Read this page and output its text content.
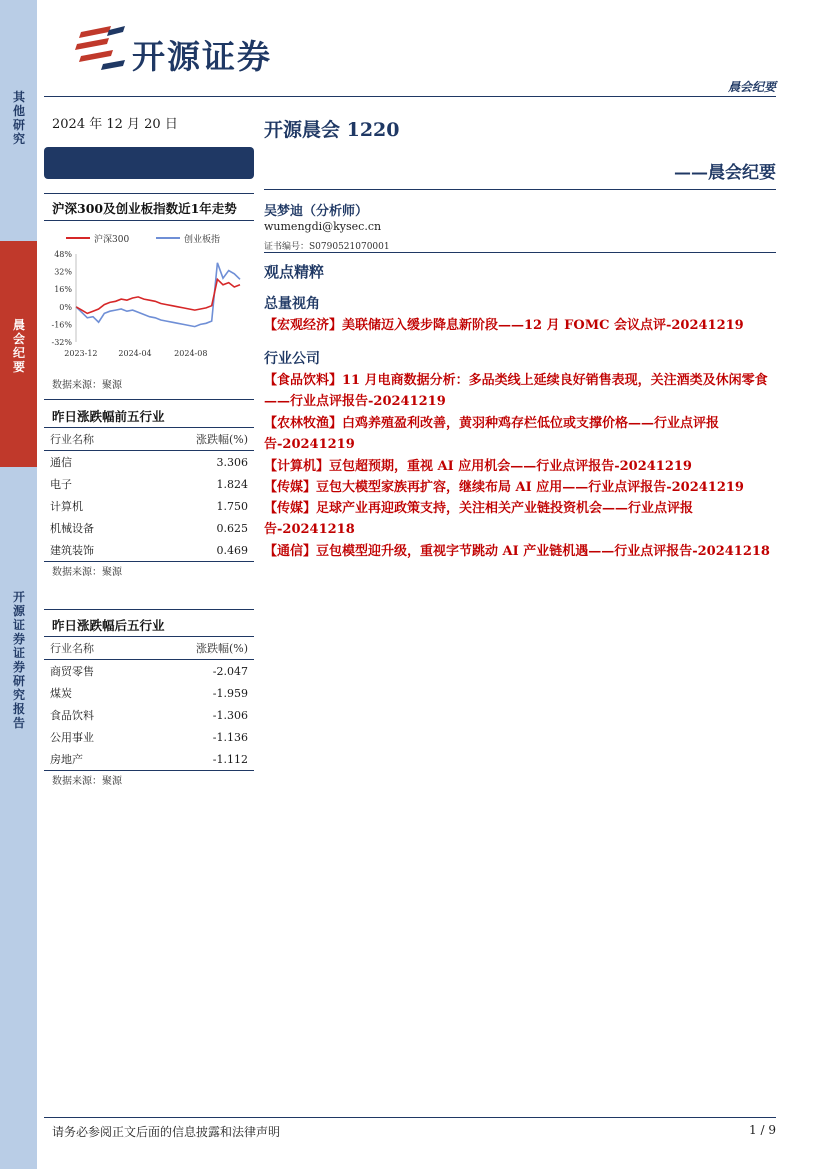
其他研究
晨会纪要
开源证券 证券研究报告
开源证券
晨会纪要
2024 年 12 月 20 日
沪深300及创业板指数近1年走势
沪深300	创业板指
48%
32%
16%
0%
-16%
-32%
2023-12	2024-04	2024-08
数据来源：聚源
昨日涨跌幅前五行业
行业名称	涨跌幅(%)
通信	3.306
电子	1.824
计算机	1.750
机械设备	0.625
建筑装饰	0.469
数据来源：聚源
昨日涨跌幅后五行业
行业名称	涨跌幅(%)
商贸零售	-2.047
煤炭	-1.959
食品饮料	-1.306
公用事业	-1.136
房地产	-1.112
数据来源：聚源
开源晨会 1220
——晨会纪要
吴梦迪（分析师）
wumengdi@kysec.cn
证书编号：S0790521070001
观点精粹
总量视角
【宏观经济】美联储迈入缓步降息新阶段——12 月 FOMC 会议点评-20241219
行业公司
【食品饮料】11 月电商数据分析：多品类线上延续良好销售表现，关注酒类及休闲零食——行业点评报告-20241219
【农林牧渔】白鸡养殖盈利改善，黄羽种鸡存栏低位或支撑价格——行业点评报告-20241219
【计算机】豆包超预期，重视 AI 应用机会——行业点评报告-20241219
【传媒】豆包大模型家族再扩容，继续布局 AI 应用——行业点评报告-20241219
【传媒】足球产业再迎政策支持，关注相关产业链投资机会——行业点评报告-20241218
【通信】豆包模型迎升级，重视字节跳动 AI 产业链机遇——行业点评报告-20241218
请务必参阅正文后面的信息披露和法律声明	1 / 9
